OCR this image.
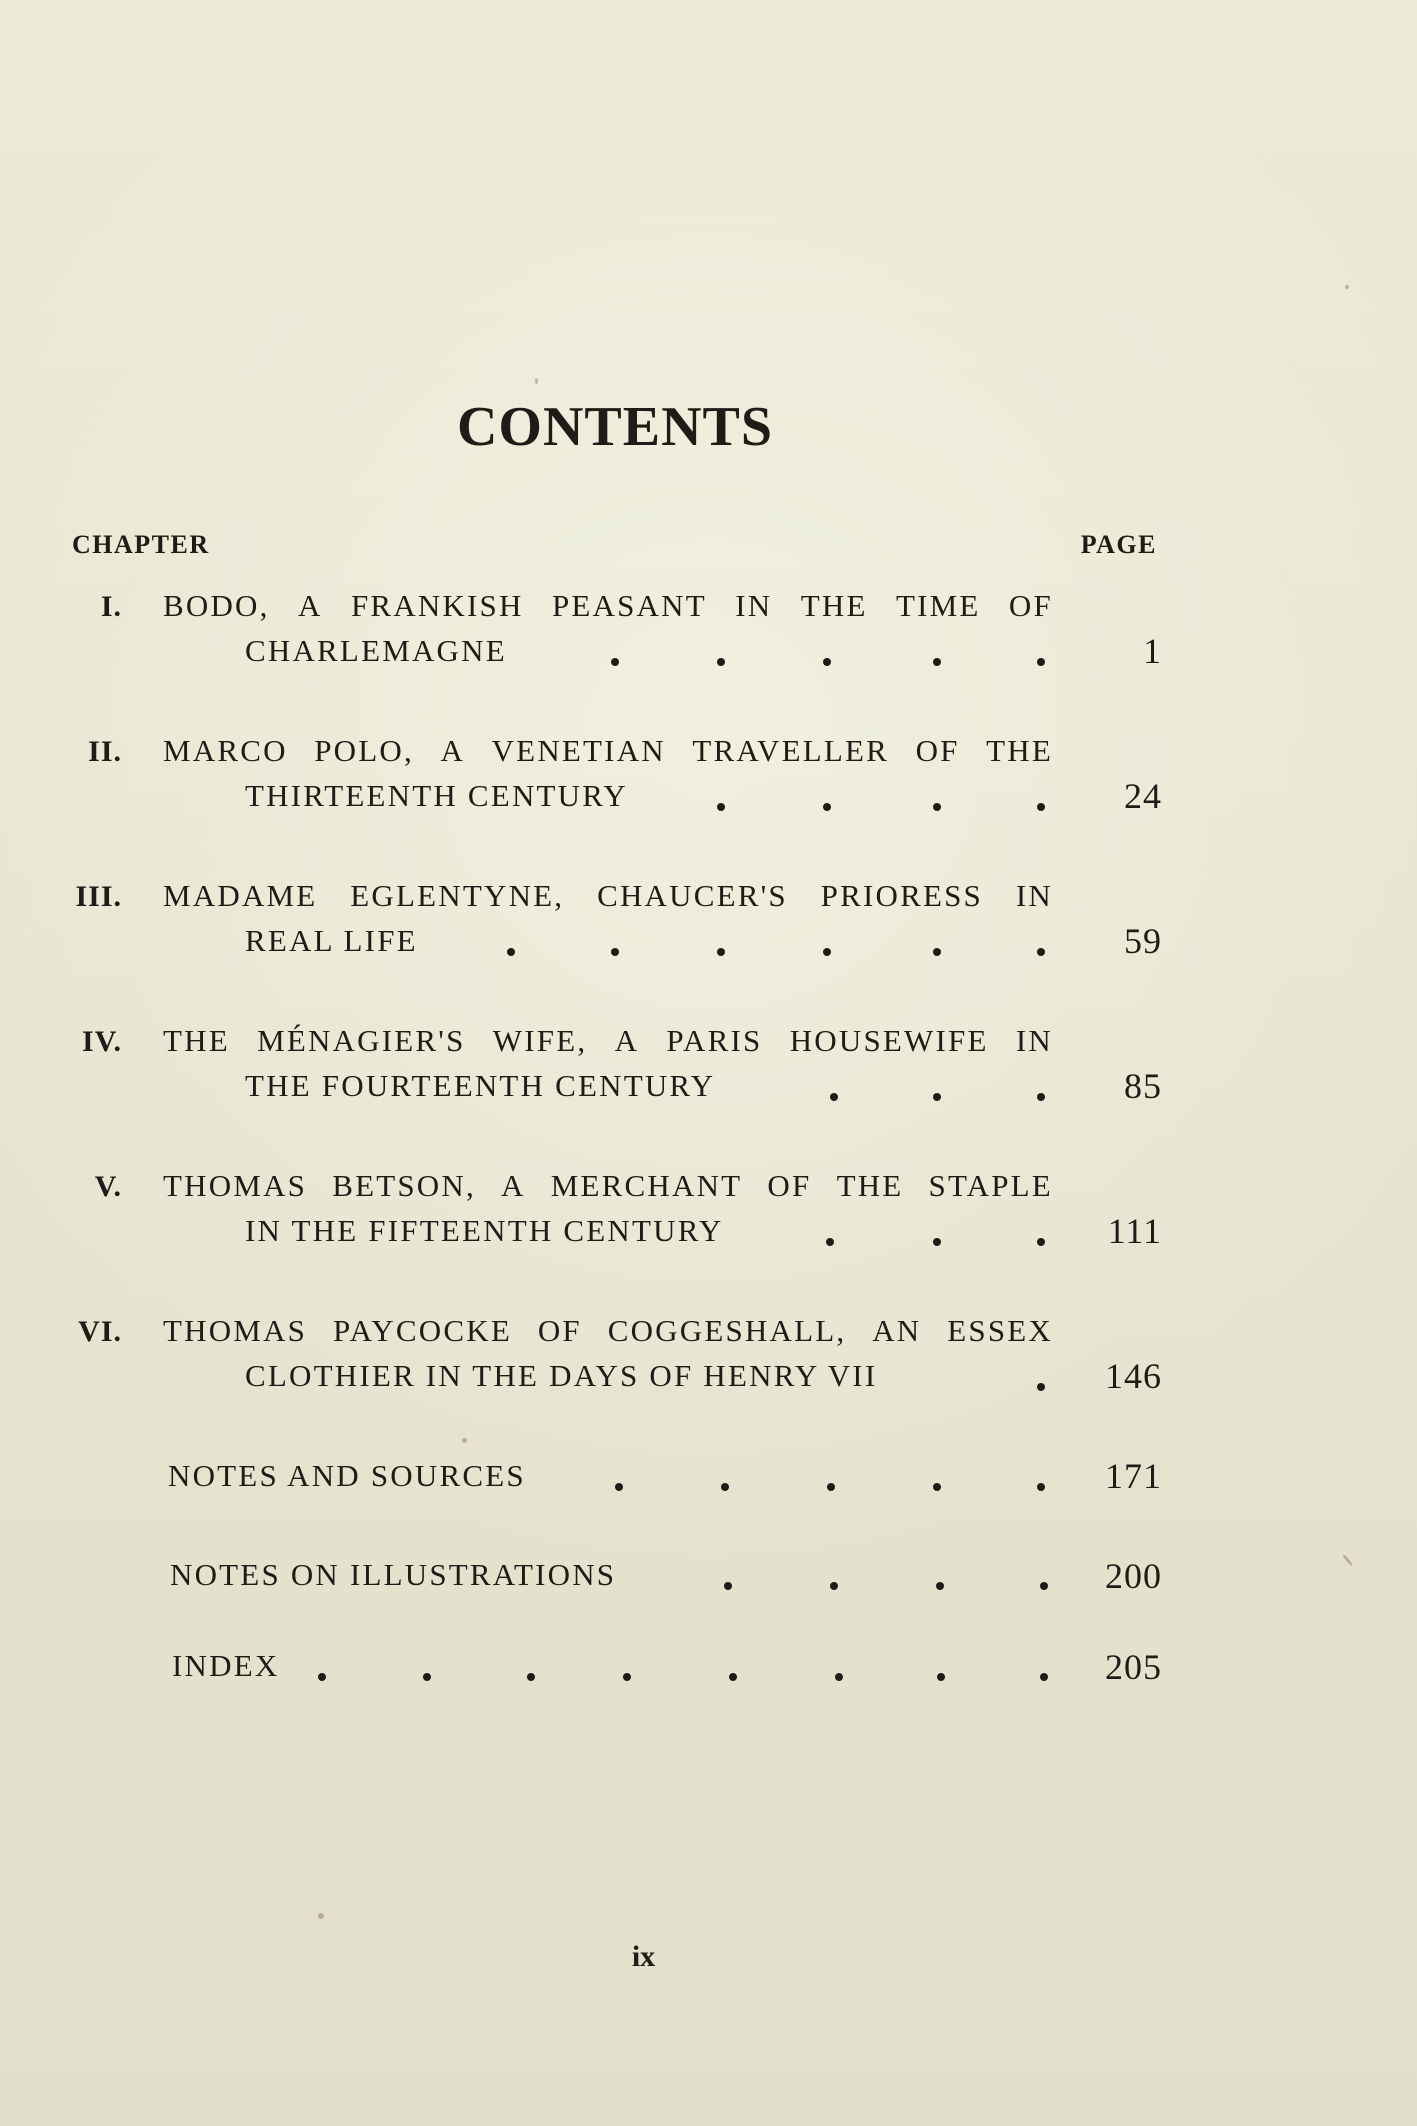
CONTENTS
CHAPTER	PAGE
I. BODO, A FRANKISH PEASANT IN THE TIME OF
CHARLEMAGNE	1
II. MARCO POLO, A VENETIAN TRAVELLER OF THE
THIRTEENTH CENTURY	24
III. MADAME EGLENTYNE, CHAUCER'S PRIORESS IN
REAL LIFE	59
IV. THE MÉNAGIER'S WIFE, A PARIS HOUSEWIFE IN
THE FOURTEENTH CENTURY	85
V. THOMAS BETSON, A MERCHANT OF THE STAPLE
IN THE FIFTEENTH CENTURY	111
VI. THOMAS PAYCOCKE OF COGGESHALL, AN ESSEX
CLOTHIER IN THE DAYS OF HENRY VII	146
NOTES AND SOURCES	171
NOTES ON ILLUSTRATIONS	200
INDEX	205
ix
